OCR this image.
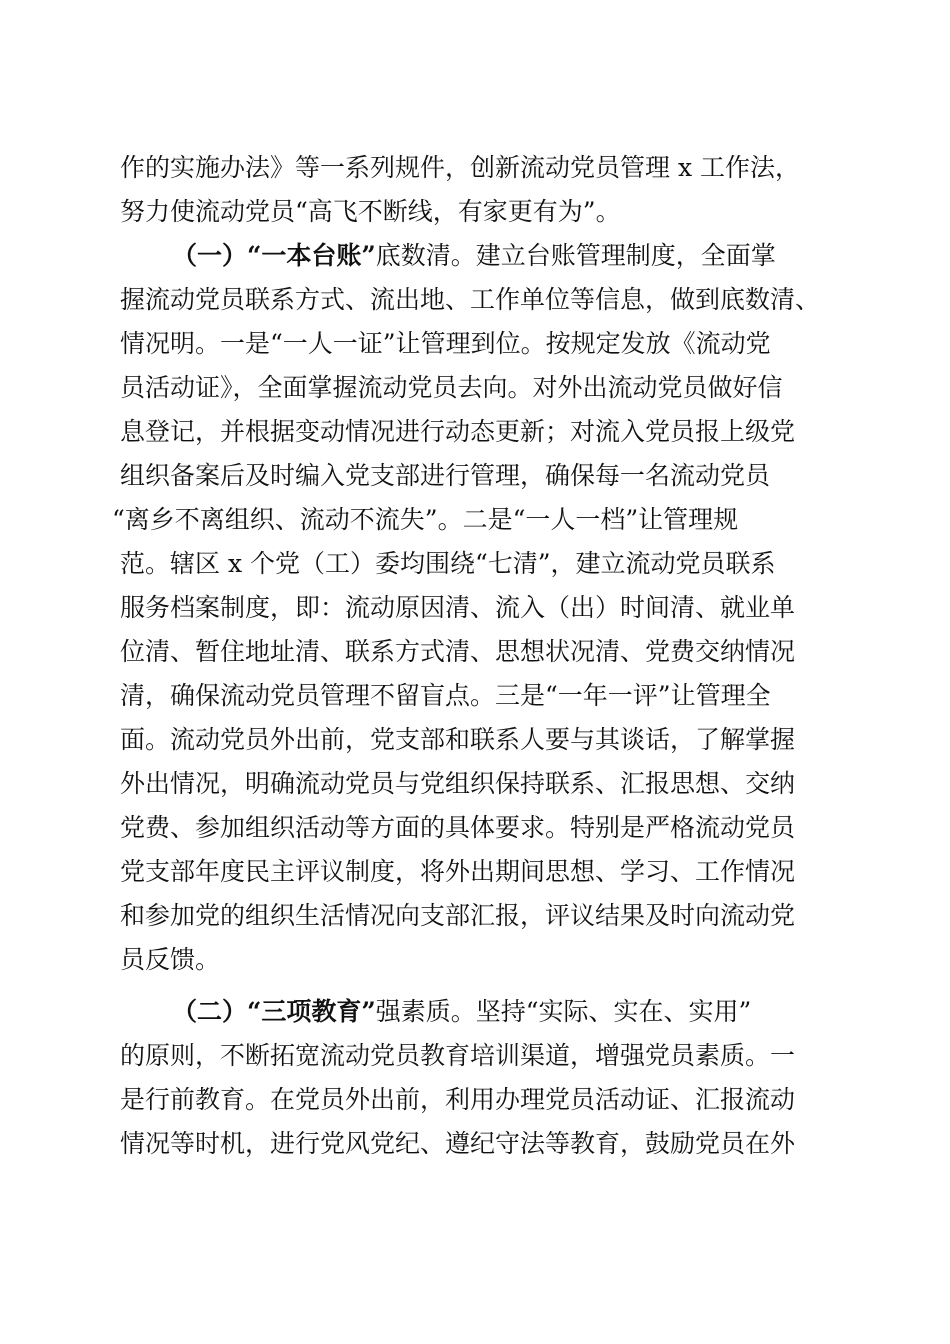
作的实施办法》等一系列规件，创新流动党员管理 x 工作法，
努力使流动党员“高飞不断线，有家更有为”。
（一）“一本台账”底数清。建立台账管理制度，全面掌
握流动党员联系方式、流出地、工作单位等信息，做到底数清、
情况明。一是“一人一证”让管理到位。按规定发放《流动党
员活动证》，全面掌握流动党员去向。对外出流动党员做好信
息登记，并根据变动情况进行动态更新；对流入党员报上级党
组织备案后及时编入党支部进行管理，确保每一名流动党员
“离乡不离组织、流动不流失”。二是“一人一档”让管理规
范。辖区 x 个党（工）委均围绕“七清”，建立流动党员联系
服务档案制度，即：流动原因清、流入（出）时间清、就业单
位清、暂住地址清、联系方式清、思想状况清、党费交纳情况
清，确保流动党员管理不留盲点。三是“一年一评”让管理全
面。流动党员外出前，党支部和联系人要与其谈话，了解掌握
外出情况，明确流动党员与党组织保持联系、汇报思想、交纳
党费、参加组织活动等方面的具体要求。特别是严格流动党员
党支部年度民主评议制度，将外出期间思想、学习、工作情况
和参加党的组织生活情况向支部汇报，评议结果及时向流动党
员反馈。
（二）“三项教育”强素质。坚持“实际、实在、实用”
的原则，不断拓宽流动党员教育培训渠道，增强党员素质。一
是行前教育。在党员外出前，利用办理党员活动证、汇报流动
情况等时机，进行党风党纪、遵纪守法等教育，鼓励党员在外
